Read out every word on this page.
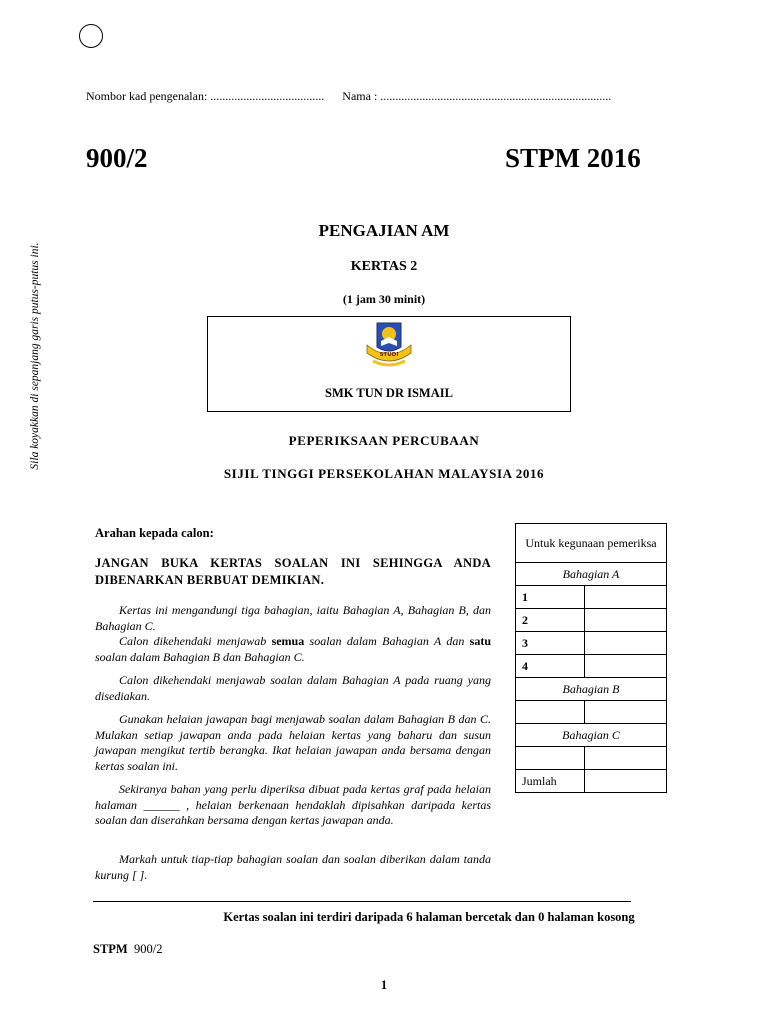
Nombor kad pengenalan: ...................................... Nama : .............................................................................
900/2	STPM 2016
Sila koyakkan di sepanjang garis putus-putus ini.
PENGAJIAN AM
KERTAS 2
(1 jam 30 minit)
STUDI
SMK TUN DR ISMAIL
PEPERIKSAAN PERCUBAAN
SIJIL TINGGI PERSEKOLAHAN MALAYSIA 2016
Arahan kepada calon:
JANGAN BUKA KERTAS SOALAN INI SEHINGGA ANDA DIBENARKAN BERBUAT DEMIKIAN.

Kertas ini mengandungi tiga bahagian, iaitu Bahagian A, Bahagian B, dan Bahagian C.

Calon dikehendaki menjawab semua soalan dalam Bahagian A dan satu soalan dalam Bahagian B dan Bahagian C.

Calon dikehendaki menjawab soalan dalam Bahagian A pada ruang yang disediakan.

Gunakan helaian jawapan bagi menjawab soalan dalam Bahagian B dan C. Mulakan setiap jawapan anda pada helaian kertas yang baharu dan susun jawapan mengikut tertib berangka. Ikat helaian jawapan anda bersama dengan kertas soalan ini.

Sekiranya bahan yang perlu diperiksa dibuat pada kertas graf pada helaian halaman ______ , helaian berkenaan hendaklah dipisahkan daripada kertas soalan dan diserahkan bersama dengan kertas jawapan anda.

Markah untuk tiap-tiap bahagian soalan dan soalan diberikan dalam tanda kurung [ ].

Untuk kegunaan pemeriksa	
Bahagian A	
1	
2	
3	
4	
Bahagian B	

Bahagian C	

Jumlah	
Kertas soalan ini terdiri daripada 6 halaman bercetak dan 0 halaman kosong
STPM 900/2
1
